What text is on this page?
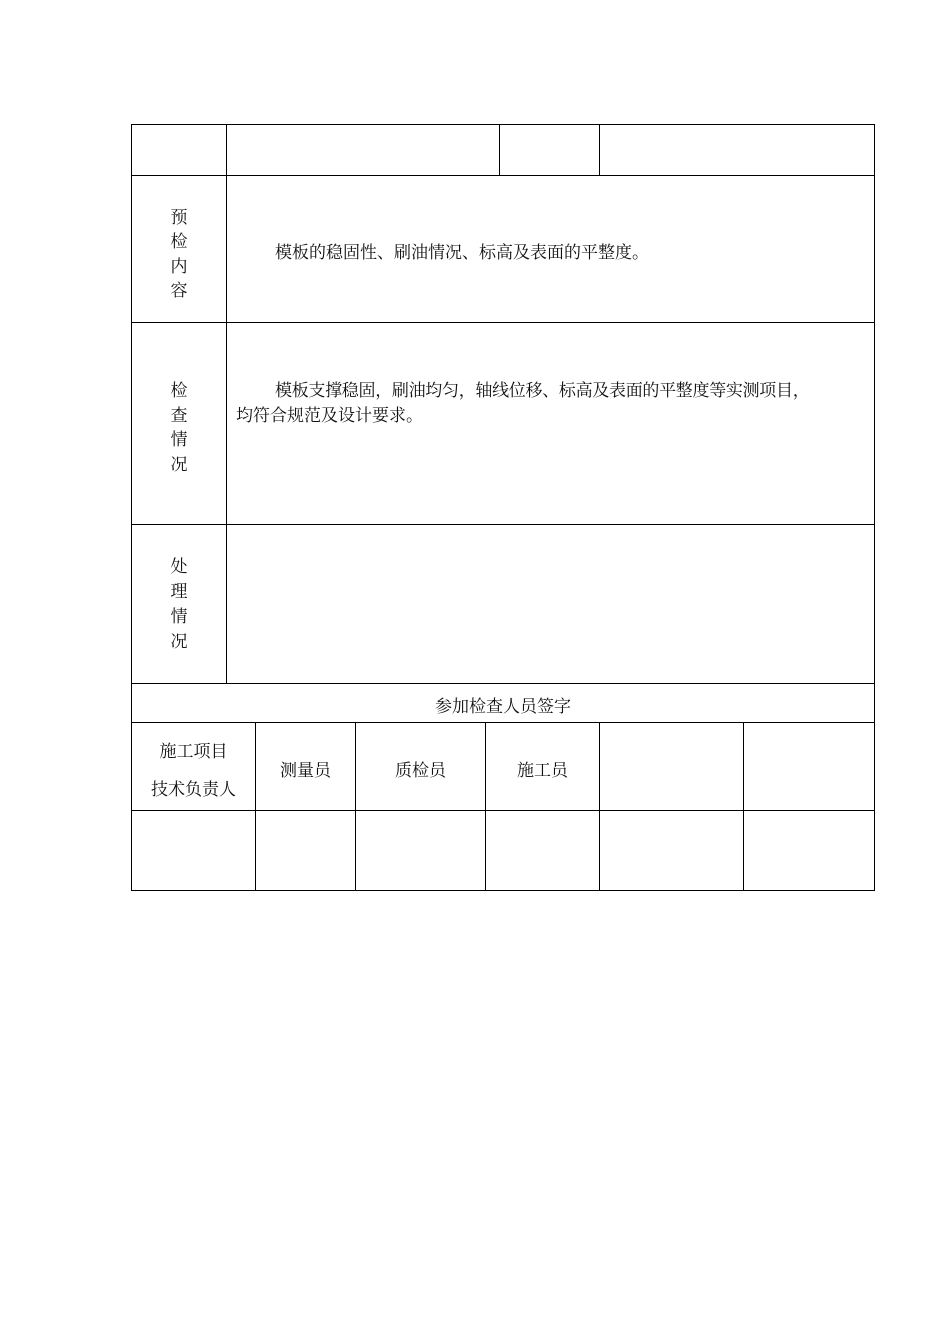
预
检
内
容
模板的稳固性、刷油情况、标高及表面的平整度。
检
查
情
况
模板支撑稳固，刷油均匀，轴线位移、标高及表面的平整度等实测项目，
均符合规范及设计要求。
处
理
情
况
参加检查人员签字
施工项目
技术负责人
测量员	质检员	施工员
